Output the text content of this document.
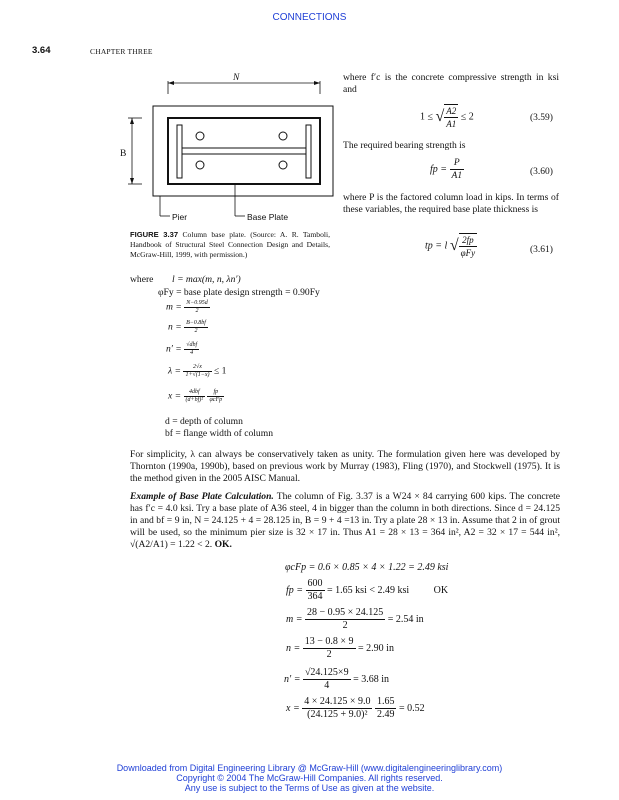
CONNECTIONS
3.64	CHAPTER THREE
N
B
Pier	Base Plate
FIGURE 3.37 Column base plate. (Source: A. R. Tamboli, Handbook of Structural Steel Connection Design and Details, McGraw-Hill, 1999, with permission.)
where f′c is the concrete compressive strength in ksi and
1 ≤ √ $\frac{A2}{A1} \le 2$	(3.59)
The required bearing strength is
fp = $\frac{P}{A1}$	(3.60)
where P is the factored column load in kips. In terms of these variables, the required base plate thickness is
tp = l √ $\frac{2fp}{\text{φFy}}$	(3.61)
where l = max(m, n, λn′)
φFy = base plate design strength = 0.90Fy
$m = \frac{N-0.95d}{2}$
$n = \frac{B-0.8bf}{2}$
$n' = \frac{\text{√dbf}}{4}$
$\lambda = \frac{2√x}{1+√(1-x)} \le 1$
$x = \frac{\text{4dbf}}{\text{(d+bf)²}}$
$\frac{fp}{\text{φcFp}}$
d = depth of column
bf = flange width of column
For simplicity, λ can always be conservatively taken as unity. The formulation given here was developed by Thornton (1990a, 1990b), based on previous work by Murray (1983), Fling (1970), and Stockwell (1975). It is the method given in the 2005 AISC Manual.
Example of Base Plate Calculation. The column of Fig. 3.37 is a W24 × 84 carrying 600 kips. The concrete has f′c = 4.0 ksi. Try a base plate of A36 steel, 4 in bigger than the column in both directions. Since d = 24.125 in and bf = 9 in, N = 24.125 + 4 = 28.125 in, B = 9 + 4 =13 in. Try a plate 28 × 13 in. Assume that 2 in of grout will be used, so the minimum pier size is 32 × 17 in. Thus A1 = 28 × 13 = 364 in², A2 = 32 × 17 = 544 in², √(A2/A1) = 1.22 < 2. OK.
φcFp = 0.6 × 0.85 × 4 × 1.22 = 2.49 ksi
fp = $\frac{600}{364} = 1.65$ ksi < 2.49 ksi OK
$m = \frac{28 - 0.95 \times 24.125}{2} = 2.54$ in
$n = \frac{13 - 0.8 \times 9}{2} = 2.90$ in
$n' = \frac{√24.125\times 9}{4} = 3.68$ in
$x = \frac{4 \times 24.125 \times 9.0}{\text{(24.125 + 9.0)²}}$
$\frac{1.65}{2.49} = 0.52$
Downloaded from Digital Engineering Library @ McGraw-Hill (www.digitalengineeringlibrary.com)
Copyright © 2004 The McGraw-Hill Companies. All rights reserved.
Any use is subject to the Terms of Use as given at the website.
